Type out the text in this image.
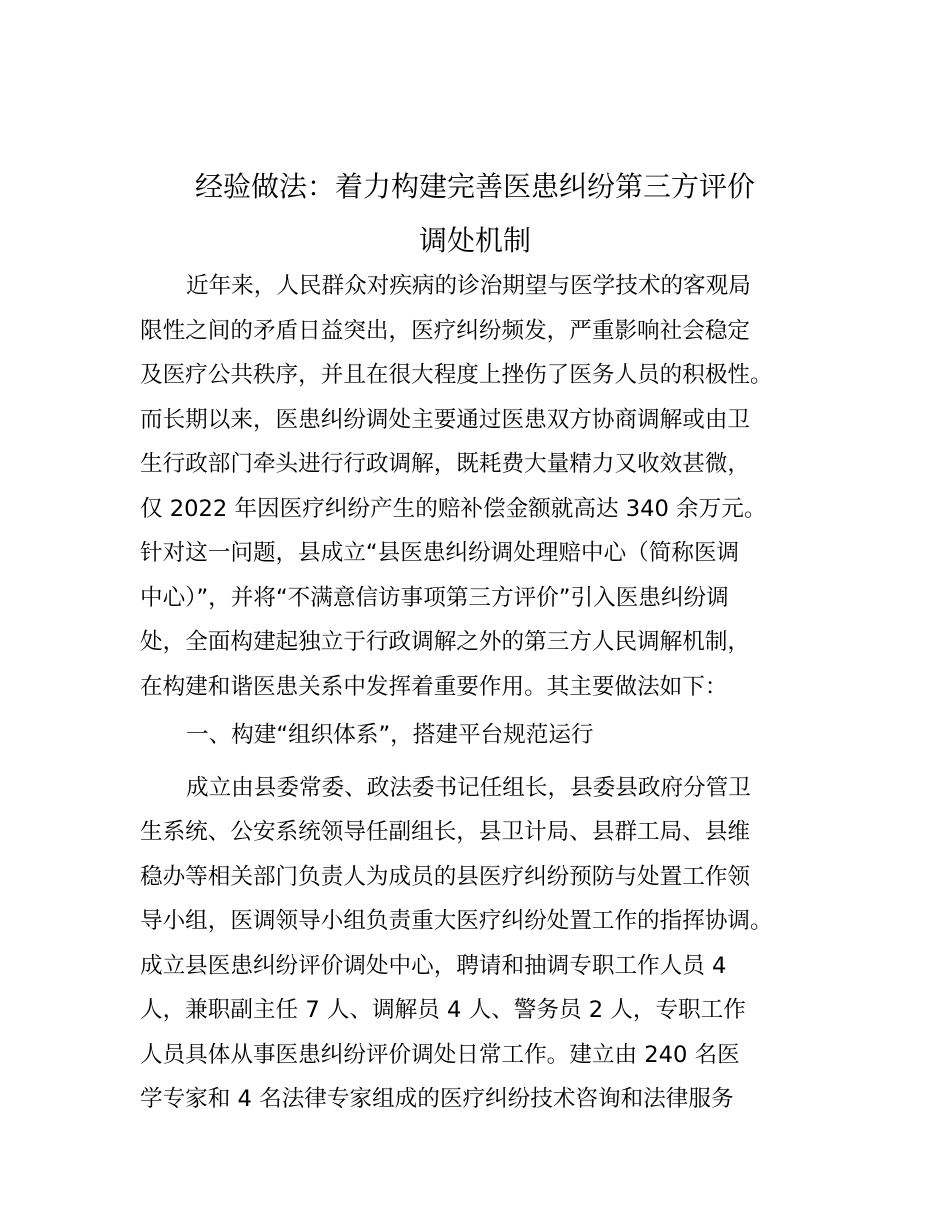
经验做法：着力构建完善医患纠纷第三方评价
调处机制
近年来，人民群众对疾病的诊治期望与医学技术的客观局
限性之间的矛盾日益突出，医疗纠纷频发，严重影响社会稳定
及医疗公共秩序，并且在很大程度上挫伤了医务人员的积极性。
而长期以来，医患纠纷调处主要通过医患双方协商调解或由卫
生行政部门牵头进行行政调解，既耗费大量精力又收效甚微，
仅 2022 年因医疗纠纷产生的赔补偿金额就高达 340 余万元。
针对这一问题，县成立“县医患纠纷调处理赔中心（简称医调
中心）”，并将“不满意信访事项第三方评价”引入医患纠纷调
处，全面构建起独立于行政调解之外的第三方人民调解机制，
在构建和谐医患关系中发挥着重要作用。其主要做法如下：
一、构建“组织体系”，搭建平台规范运行
成立由县委常委、政法委书记任组长，县委县政府分管卫
生系统、公安系统领导任副组长，县卫计局、县群工局、县维
稳办等相关部门负责人为成员的县医疗纠纷预防与处置工作领
导小组，医调领导小组负责重大医疗纠纷处置工作的指挥协调。
成立县医患纠纷评价调处中心，聘请和抽调专职工作人员 4
人，兼职副主任 7 人、调解员 4 人、警务员 2 人，专职工作
人员具体从事医患纠纷评价调处日常工作。建立由 240 名医
学专家和 4 名法律专家组成的医疗纠纷技术咨询和法律服务
